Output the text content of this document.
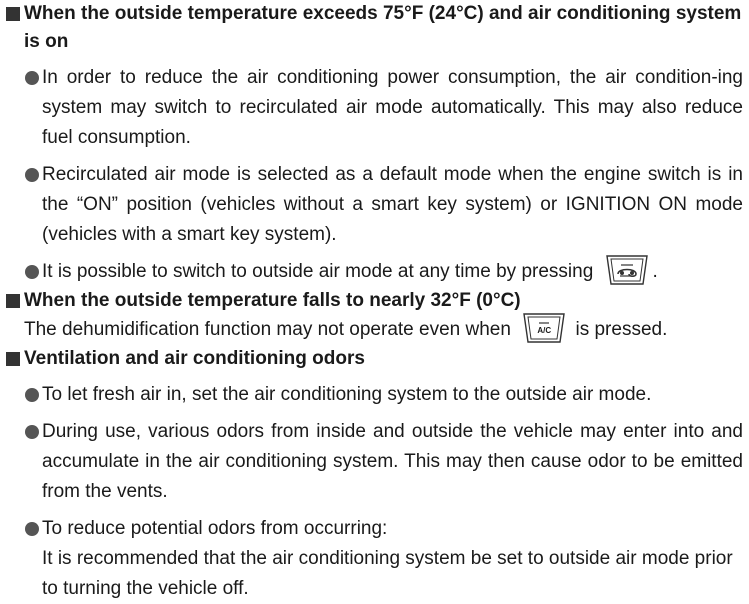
When the outside temperature exceeds 75°F (24°C) and air conditioning system is on
In order to reduce the air conditioning power consumption, the air condition-ing system may switch to recirculated air mode automatically. This may also reduce fuel consumption.
Recirculated air mode is selected as a default mode when the engine switch is in the “ON” position (vehicles without a smart key system) or IGNITION ON mode (vehicles with a smart key system).
It is possible to switch to outside air mode at any time by pressing	.
When the outside temperature falls to nearly 32°F (0°C)
The dehumidification function may not operate even when	A/C	is pressed.
Ventilation and air conditioning odors
To let fresh air in, set the air conditioning system to the outside air mode.
During use, various odors from inside and outside the vehicle may enter into and accumulate in the air conditioning system. This may then cause odor to be emitted from the vents.
To reduce potential odors from occurring:
It is recommended that the air conditioning system be set to outside air mode prior to turning the vehicle off.
